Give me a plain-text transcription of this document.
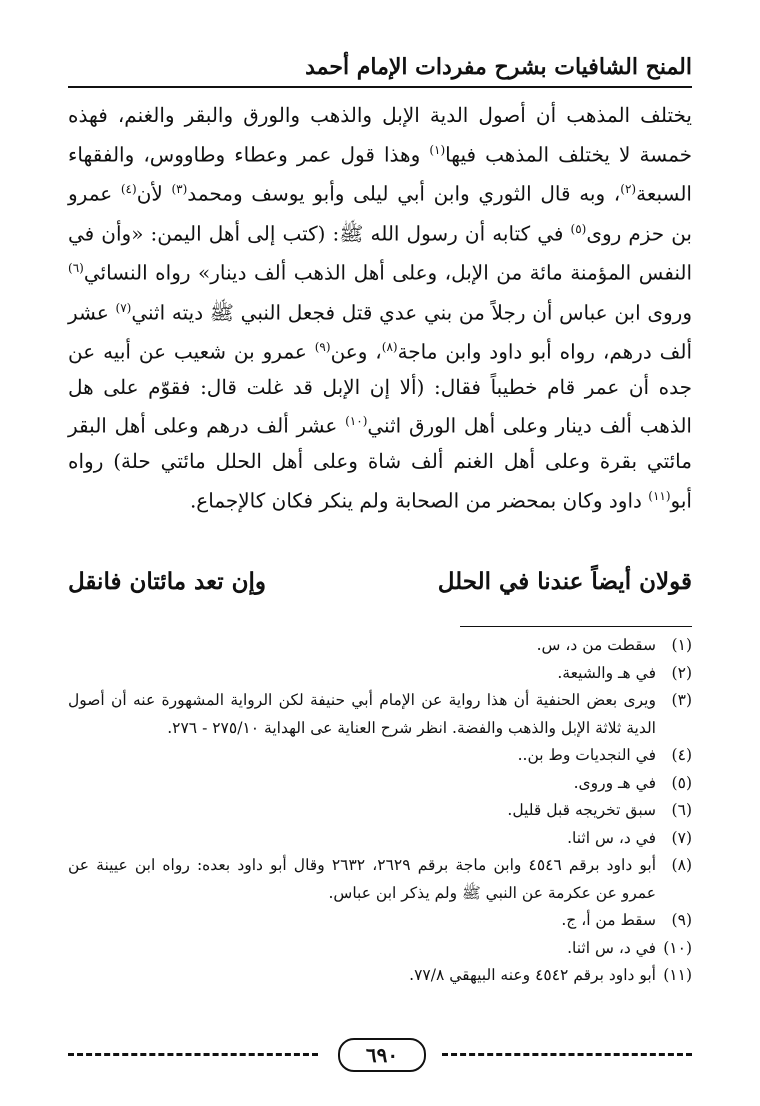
المنح الشافيات بشرح مفردات الإمام أحمد

يختلف المذهب أن أصول الدية الإبل والذهب والورق والبقر والغنم، فهذه خمسة لا يختلف المذهب فيها$^{(١)}$ وهذا قول عمر وعطاء وطاووس، والفقهاء السبعة$^{(٢)}$، وبه قال الثوري وابن أبي ليلى وأبو يوسف ومحمد$^{(٣)}$ لأن$^{(٤)}$ عمرو بن حزم روى$^{(٥)}$ في كتابه أن رسول الله ﷺ: (كتب إلى أهل اليمن: «وأن في النفس المؤمنة مائة من الإبل، وعلى أهل الذهب ألف دينار» رواه النسائي$^{(٦)}$ وروى ابن عباس أن رجلاً من بني عدي قتل فجعل النبي ﷺ ديته اثني$^{(٧)}$ عشر ألف درهم، رواه أبو داود وابن ماجة$^{(٨)}$، وعن$^{(٩)}$ عمرو بن شعيب عن أبيه عن جده أن عمر قام خطيباً فقال: (ألا إن الإبل قد غلت قال: فقوّم على هل الذهب ألف دينار وعلى أهل الورق اثني$^{(١٠)}$ عشر ألف درهم وعلى أهل البقر مائتي بقرة وعلى أهل الغنم ألف شاة وعلى أهل الحلل مائتي حلة) رواه أبو$^{(١١)}$ داود وكان بمحضر من الصحابة ولم ينكر فكان كالإجماع.

قولان أيضاً عندنا في الحلل
وإن تعد مائتان فانقل
(١)
سقطت من د، س.
(٢)
في هـ والشيعة.
(٣)
ويرى بعض الحنفية أن هذا رواية عن الإمام أبي حنيفة لكن الرواية المشهورة عنه أن أصول الدية ثلاثة الإبل والذهب والفضة. انظر شرح العناية عى الهداية ٢٧٥/١٠ - ٢٧٦.
(٤)
في النجديات وط بن..
(٥)
في هـ وروى.
(٦)
سبق تخريجه قبل قليل.
(٧)
في د، س اثنا.
(٨)
أبو داود برقم ٤٥٤٦ وابن ماجة برقم ٢٦٢٩، ٢٦٣٢ وقال أبو داود بعده: رواه ابن عيينة عن عمرو عن عكرمة عن النبي ﷺ ولم يذكر ابن عباس.
(٩)
سقط من أ، ج.
(١٠)
في د، س اثنا.
(١١)
أبو داود برقم ٤٥٤٢ وعنه البيهقي ٧٧/٨.
٦٩٠
